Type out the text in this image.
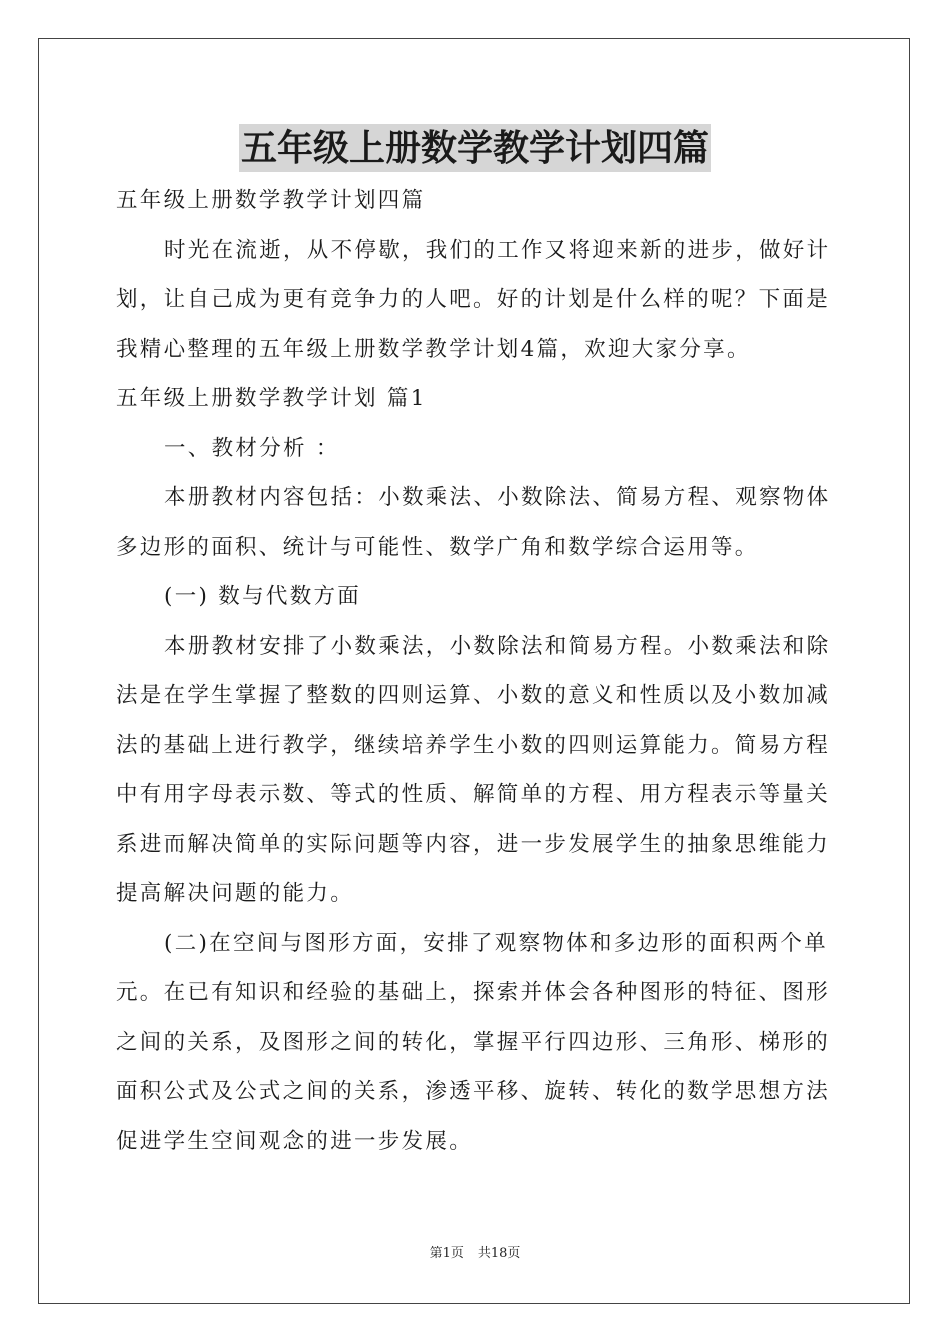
五年级上册数学教学计划四篇

五年级上册数学教学计划四篇

时光在流逝，从不停歇，我们的工作又将迎来新的进步，做好计

划，让自己成为更有竞争力的人吧。好的计划是什么样的呢？下面是

我精心整理的五年级上册数学教学计划4篇，欢迎大家分享。

五年级上册数学教学计划 篇1

一、教材分析 ：

本册教材内容包括：小数乘法、小数除法、简易方程、观察物体

多边形的面积、统计与可能性、数学广角和数学综合运用等。

(一) 数与代数方面

本册教材安排了小数乘法，小数除法和简易方程。小数乘法和除

法是在学生掌握了整数的四则运算、小数的意义和性质以及小数加减

法的基础上进行教学，继续培养学生小数的四则运算能力。简易方程

中有用字母表示数、等式的性质、解简单的方程、用方程表示等量关

系进而解决简单的实际问题等内容，进一步发展学生的抽象思维能力

提高解决问题的能力。

(二)在空间与图形方面，安排了观察物体和多边形的面积两个单

元。在已有知识和经验的基础上，探索并体会各种图形的特征、图形

之间的关系，及图形之间的转化，掌握平行四边形、三角形、梯形的

面积公式及公式之间的关系，渗透平移、旋转、转化的数学思想方法

促进学生空间观念的进一步发展。

第1页 共18页
